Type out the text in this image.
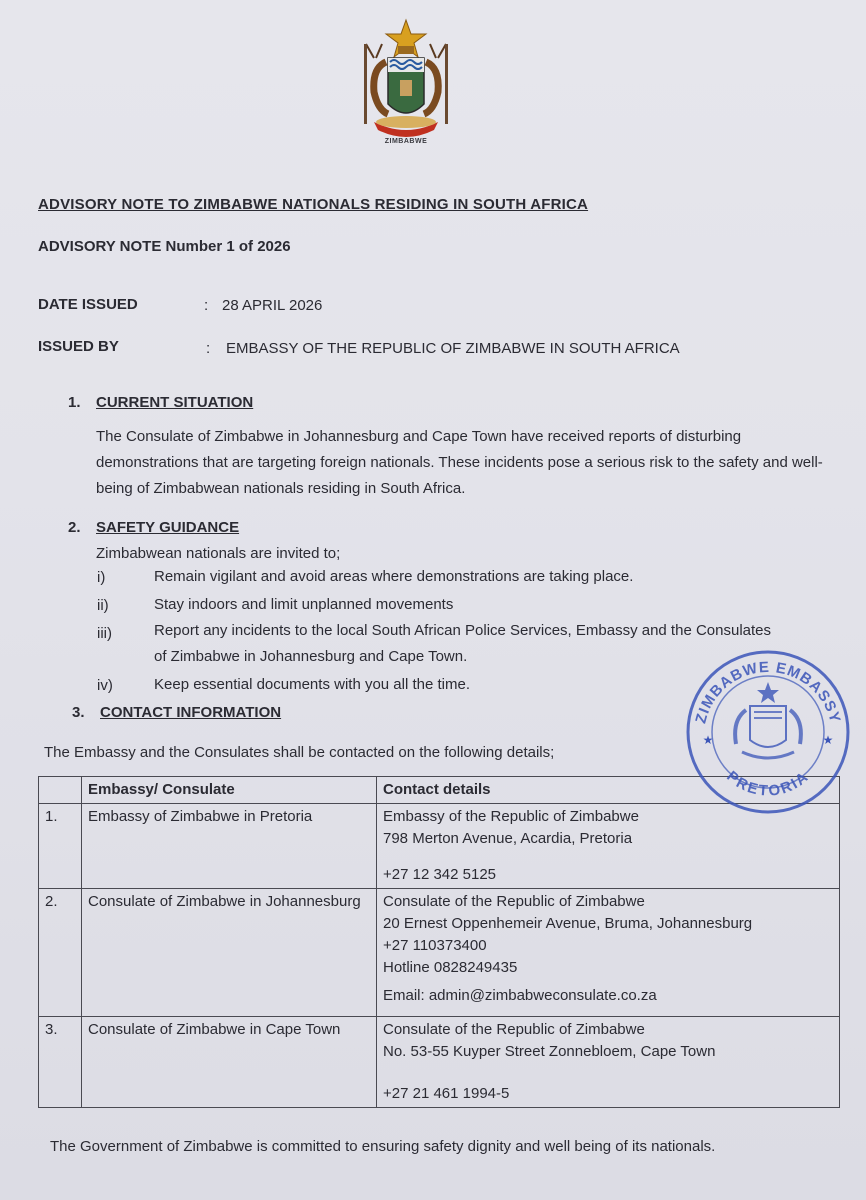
ZIMBABWE
ADVISORY NOTE TO ZIMBABWE NATIONALS RESIDING IN SOUTH AFRICA
ADVISORY NOTE Number 1 of 2026
DATE ISSUED	: 28 APRIL 2026
ISSUED BY	: EMBASSY OF THE REPUBLIC OF ZIMBABWE IN SOUTH AFRICA
1. CURRENT SITUATION
The Consulate of Zimbabwe in Johannesburg and Cape Town have received reports of disturbing demonstrations that are targeting foreign nationals. These incidents pose a serious risk to the safety and well-being of Zimbabwean nationals residing in South Africa.
2. SAFETY GUIDANCE
Zimbabwean nationals are invited to;
i)	Remain vigilant and avoid areas where demonstrations are taking place.
ii)	Stay indoors and limit unplanned movements
iii)	Report any incidents to the local South African Police Services, Embassy and the Consulates of Zimbabwe in Johannesburg and Cape Town.
iv)	Keep essential documents with you all the time.
3. CONTACT INFORMATION
The Embassy and the Consulates shall be contacted on the following details;
	Embassy/ Consulate	Contact details
1.	Embassy of Zimbabwe in Pretoria	Embassy of the Republic of Zimbabwe
798 Merton Avenue, Acardia, Pretoria
+27 12 342 5125

2.	Consulate of Zimbabwe in Johannesburg	Consulate of the Republic of Zimbabwe
20 Ernest Oppenhemeir Avenue, Bruma, Johannesburg
+27 110373400
Hotline 0828249435
Email: admin@zimbabweconsulate.co.za

3.	Consulate of Zimbabwe in Cape Town	Consulate of the Republic of Zimbabwe
No. 53-55 Kuyper Street Zonnebloem, Cape Town
+27 21 461 1994-5
ZIMBABWE EMBASSY
PRETORIA
★	★
The Government of Zimbabwe is committed to ensuring safety dignity and well being of its nationals.
